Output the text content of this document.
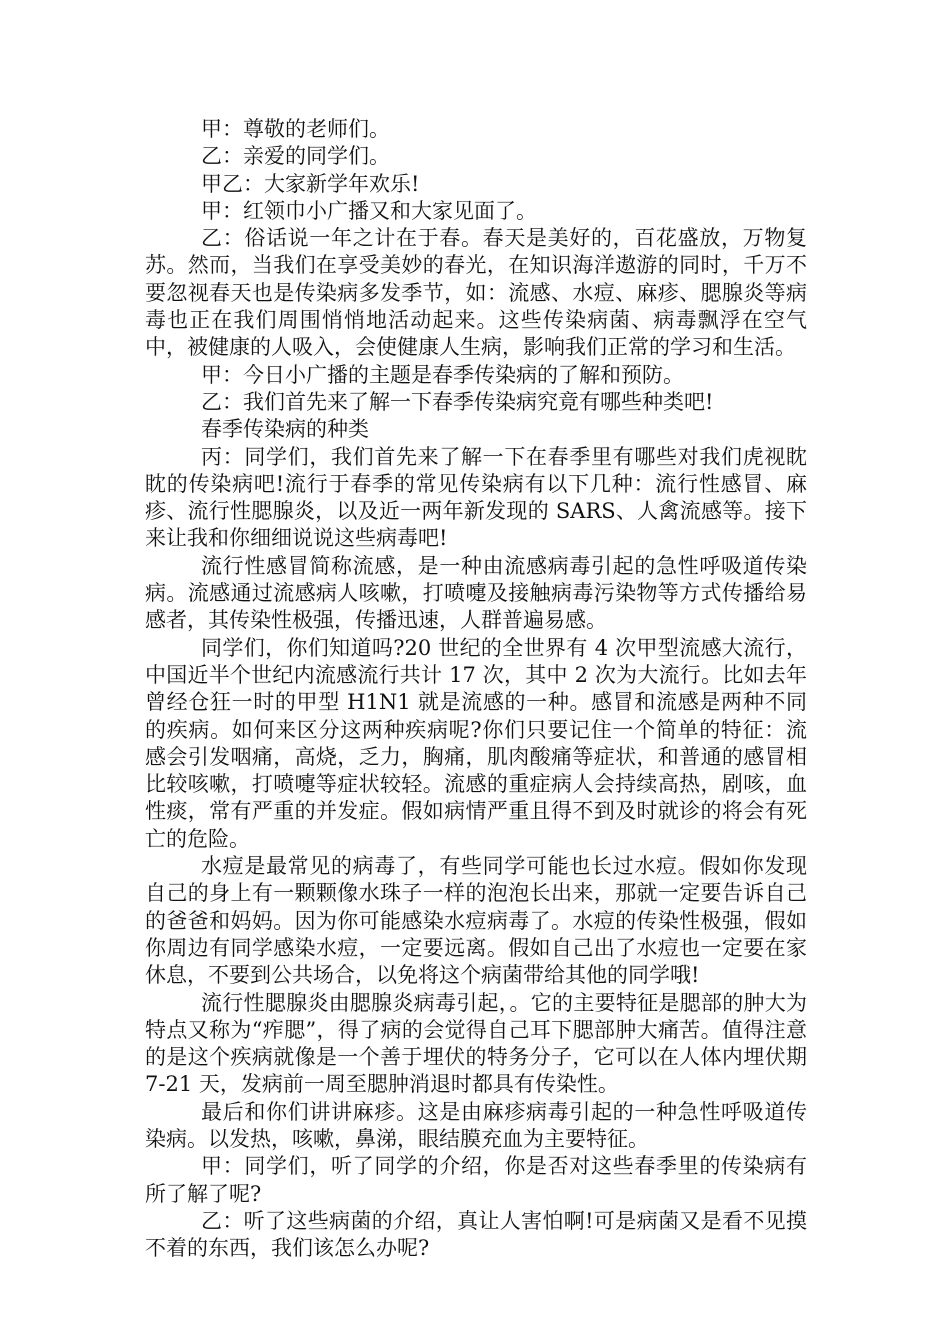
甲：尊敬的老师们。

乙：亲爱的同学们。

甲乙：大家新学年欢乐!

甲：红领巾小广播又和大家见面了。

乙：俗话说一年之计在于春。春天是美好的，百花盛放，万物复苏。然而，当我们在享受美妙的春光，在知识海洋遨游的同时，千万不要忽视春天也是传染病多发季节，如：流感、水痘、麻疹、腮腺炎等病毒也正在我们周围悄悄地活动起来。这些传染病菌、病毒飘浮在空气中，被健康的人吸入，会使健康人生病，影响我们正常的学习和生活。

甲：今日小广播的主题是春季传染病的了解和预防。

乙：我们首先来了解一下春季传染病究竟有哪些种类吧!

春季传染病的种类

丙：同学们，我们首先来了解一下在春季里有哪些对我们虎视眈眈的传染病吧!流行于春季的常见传染病有以下几种：流行性感冒、麻疹、流行性腮腺炎，以及近一两年新发现的 SARS、人禽流感等。接下来让我和你细细说说这些病毒吧!

流行性感冒简称流感，是一种由流感病毒引起的急性呼吸道传染病。流感通过流感病人咳嗽，打喷嚏及接触病毒污染物等方式传播给易感者，其传染性极强，传播迅速，人群普遍易感。

同学们，你们知道吗?20 世纪的全世界有 4 次甲型流感大流行，中国近半个世纪内流感流行共计 17 次，其中 2 次为大流行。比如去年曾经仓狂一时的甲型 H1N1 就是流感的一种。感冒和流感是两种不同的疾病。如何来区分这两种疾病呢?你们只要记住一个简单的特征：流感会引发咽痛，高烧，乏力，胸痛，肌肉酸痛等症状，和普通的感冒相比较咳嗽，打喷嚏等症状较轻。流感的重症病人会持续高热，剧咳，血性痰，常有严重的并发症。假如病情严重且得不到及时就诊的将会有死亡的危险。

水痘是最常见的病毒了，有些同学可能也长过水痘。假如你发现自己的身上有一颗颗像水珠子一样的泡泡长出来，那就一定要告诉自己的爸爸和妈妈。因为你可能感染水痘病毒了。水痘的传染性极强，假如你周边有同学感染水痘，一定要远离。假如自己出了水痘也一定要在家休息，不要到公共场合，以免将这个病菌带给其他的同学哦!

流行性腮腺炎由腮腺炎病毒引起，。它的主要特征是腮部的肿大为特点又称为“痄腮”，得了病的会觉得自己耳下腮部肿大痛苦。值得注意的是这个疾病就像是一个善于埋伏的特务分子，它可以在人体内埋伏期 7-21 天，发病前一周至腮肿消退时都具有传染性。

最后和你们讲讲麻疹。这是由麻疹病毒引起的一种急性呼吸道传染病。以发热，咳嗽，鼻涕，眼结膜充血为主要特征。

甲：同学们，听了同学的介绍，你是否对这些春季里的传染病有所了解了呢?

乙：听了这些病菌的介绍，真让人害怕啊!可是病菌又是看不见摸不着的东西，我们该怎么办呢?
